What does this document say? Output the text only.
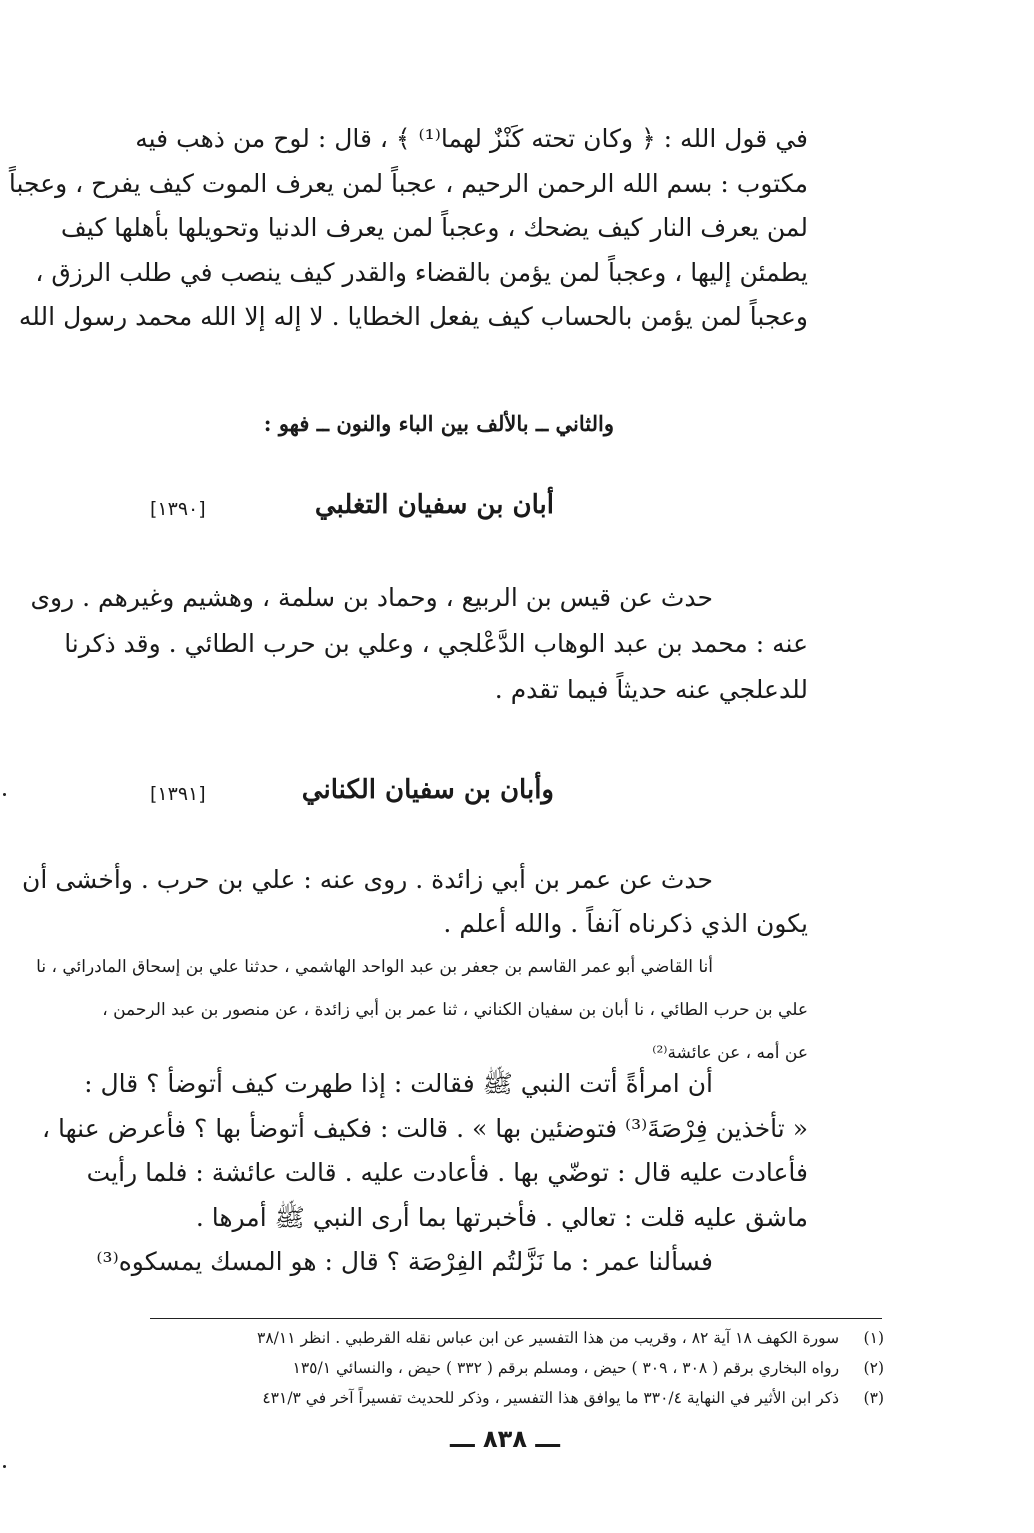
في قول الله : ﴿ وكان تحته كَنْزٌ لهما⁽¹⁾ ﴾ ، قال : لوح من ذهب فيه
مكتوب : بسم الله الرحمن الرحيم ، عجباً لمن يعرف الموت كيف يفرح ، وعجباً
لمن يعرف النار كيف يضحك ، وعجباً لمن يعرف الدنيا وتحويلها بأهلها كيف
يطمئن إليها ، وعجباً لمن يؤمن بالقضاء والقدر كيف ينصب في طلب الرزق ،
وعجباً لمن يؤمن بالحساب كيف يفعل الخطايا . لا إله إلا الله محمد رسول الله
والثاني ــ بالألف بين الباء والنون ــ فهو :
أبان بن سفيان التغلبي
[١٣٩٠]
حدث عن قيس بن الربيع ، وحماد بن سلمة ، وهشيم وغيرهم . روى
عنه : محمد بن عبد الوهاب الدَّعْلجي ، وعلي بن حرب الطائي . وقد ذكرنا
للدعلجي عنه حديثاً فيما تقدم .
وأبان بن سفيان الكناني
[١٣٩١]
حدث عن عمر بن أبي زائدة . روى عنه : علي بن حرب . وأخشى أن
يكون الذي ذكرناه آنفاً . والله أعلم .
أنا القاضي أبو عمر القاسم بن جعفر بن عبد الواحد الهاشمي ، حدثنا علي بن إسحاق المادرائي ، نا
علي بن حرب الطائي ، نا أبان بن سفيان الكناني ، ثنا عمر بن أبي زائدة ، عن منصور بن عبد الرحمن ،
عن أمه ، عن عائشة⁽²⁾
أن امرأةً أتت النبي ﷺ فقالت : إذا طهرت كيف أتوضأ ؟ قال :
« تأخذين فِرْصَةَ⁽³⁾ فتوضئين بها » . قالت : فكيف أتوضأ بها ؟ فأعرض عنها ،
فأعادت عليه قال : توضّي بها . فأعادت عليه . قالت عائشة : فلما رأيت
ماشق عليه قلت : تعالي . فأخبرتها بما أرى النبي ﷺ أمرها .
فسألنا عمر : ما نَزَّلتُم الفِرْصَة ؟ قال : هو المسك يمسكوه⁽³⁾
(١) سورة الكهف ١٨ آية ٨٢ ، وقريب من هذا التفسير عن ابن عباس نقله القرطبي . انظر ٣٨/١١
(٢) رواه البخاري برقم ( ٣٠٨ ، ٣٠٩ ) حيض ، ومسلم برقم ( ٣٣٢ ) حيض ، والنسائي ١٣٥/١
(٣) ذكر ابن الأثير في النهاية ٣٣٠/٤ ما يوافق هذا التفسير ، وذكر للحديث تفسيراً آخر في ٤٣١/٣
ـــ ٨٣٨ ـــ
